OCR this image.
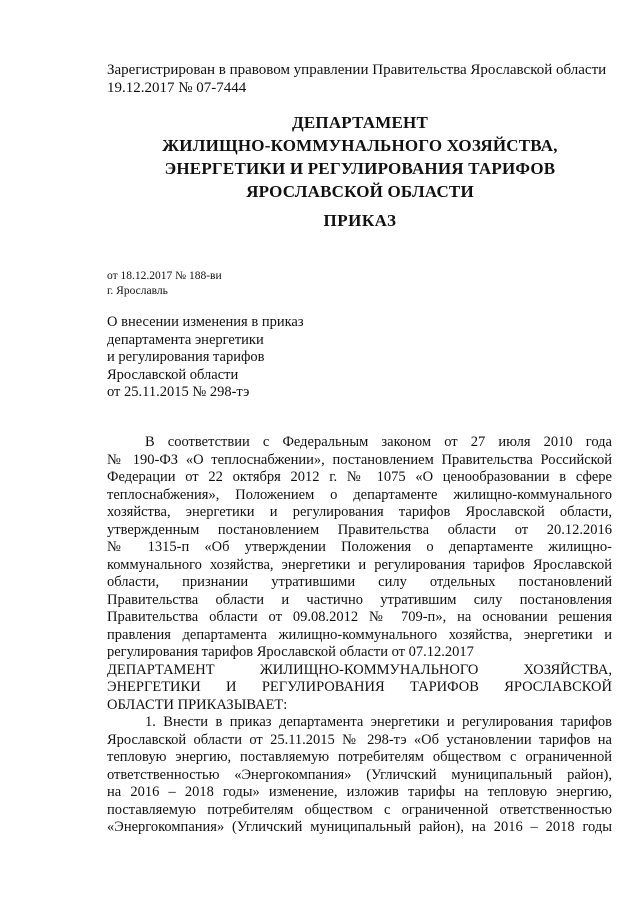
Зарегистрирован в правовом управлении Правительства Ярославской области
19.12.2017 № 07-7444
ДЕПАРТАМЕНТ
ЖИЛИЩНО-КОММУНАЛЬНОГО ХОЗЯЙСТВА,
ЭНЕРГЕТИКИ И РЕГУЛИРОВАНИЯ ТАРИФОВ
ЯРОСЛАВСКОЙ ОБЛАСТИ
ПРИКАЗ
от 18.12.2017 № 188-ви
г. Ярославль
О внесении изменения в приказ
департамента энергетики
и регулирования тарифов
Ярославской области
от 25.11.2015 № 298-тэ
В соответствии с Федеральным законом от 27 июля 2010 года
№ 190-ФЗ «О теплоснабжении», постановлением Правительства Российской
Федерации от 22 октября 2012 г. № 1075 «О ценообразовании в сфере
теплоснабжения», Положением о департаменте жилищно-коммунального
хозяйства, энергетики и регулирования тарифов Ярославской области,
утвержденным постановлением Правительства области от 20.12.2016
№ 1315-п «Об утверждении Положения о департаменте жилищно-
коммунального хозяйства, энергетики и регулирования тарифов Ярославской
области, признании утратившими силу отдельных постановлений
Правительства области и частично утратившим силу постановления
Правительства области от 09.08.2012 № 709-п», на основании решения
правления департамента жилищно-коммунального хозяйства, энергетики и
регулирования тарифов Ярославской области от 07.12.2017
ДЕПАРТАМЕНТ ЖИЛИЩНО-КОММУНАЛЬНОГО ХОЗЯЙСТВА,
ЭНЕРГЕТИКИ И РЕГУЛИРОВАНИЯ ТАРИФОВ ЯРОСЛАВСКОЙ
ОБЛАСТИ ПРИКАЗЫВАЕТ:
1. Внести в приказ департамента энергетики и регулирования тарифов
Ярославской области от 25.11.2015 № 298-тэ «Об установлении тарифов на
тепловую энергию, поставляемую потребителям обществом с ограниченной
ответственностью «Энергокомпания» (Угличский муниципальный район),
на 2016 – 2018 годы» изменение, изложив тарифы на тепловую энергию,
поставляемую потребителям обществом с ограниченной ответственностью
«Энергокомпания» (Угличский муниципальный район), на 2016 – 2018 годы
